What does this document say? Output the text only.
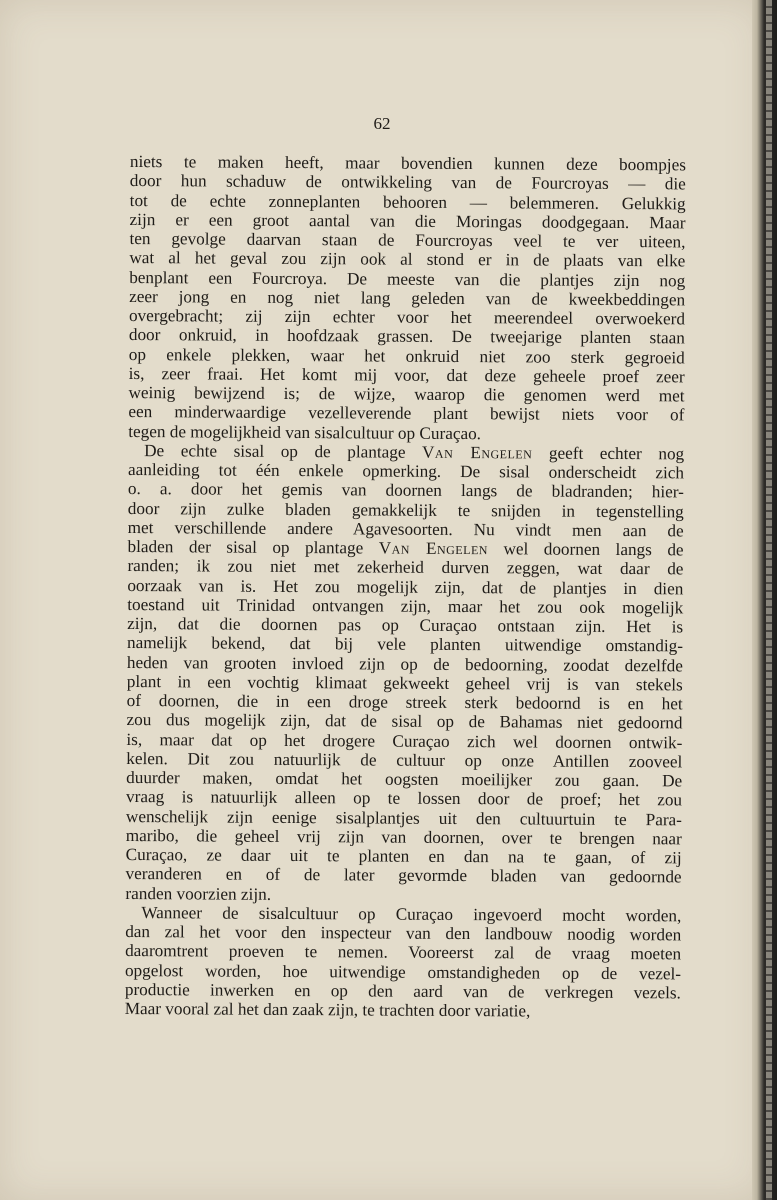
62
niets te maken heeft, maar bovendien kunnen deze boompjes
door hun schaduw de ontwikkeling van de Fourcroyas — die
tot de echte zonneplanten behooren — belemmeren. Gelukkig
zijn er een groot aantal van die Moringas doodgegaan. Maar
ten gevolge daarvan staan de Fourcroyas veel te ver uiteen,
wat al het geval zou zijn ook al stond er in de plaats van elke
benplant een Fourcroya. De meeste van die plantjes zijn nog
zeer jong en nog niet lang geleden van de kweekbeddingen
overgebracht; zij zijn echter voor het meerendeel overwoekerd
door onkruid, in hoofdzaak grassen. De tweejarige planten staan
op enkele plekken, waar het onkruid niet zoo sterk gegroeid
is, zeer fraai. Het komt mij voor, dat deze geheele proef zeer
weinig bewijzend is; de wijze, waarop die genomen werd met
een minderwaardige vezelleverende plant bewijst niets voor of
tegen de mogelijkheid van sisalcultuur op Curaçao.
De echte sisal op de plantage Van Engelen geeft echter nog
aanleiding tot één enkele opmerking. De sisal onderscheidt zich
o. a. door het gemis van doornen langs de bladranden; hier-
door zijn zulke bladen gemakkelijk te snijden in tegenstelling
met verschillende andere Agavesoorten. Nu vindt men aan de
bladen der sisal op plantage Van Engelen wel doornen langs de
randen; ik zou niet met zekerheid durven zeggen, wat daar de
oorzaak van is. Het zou mogelijk zijn, dat de plantjes in dien
toestand uit Trinidad ontvangen zijn, maar het zou ook mogelijk
zijn, dat die doornen pas op Curaçao ontstaan zijn. Het is
namelijk bekend, dat bij vele planten uitwendige omstandig-
heden van grooten invloed zijn op de bedoorning, zoodat dezelfde
plant in een vochtig klimaat gekweekt geheel vrij is van stekels
of doornen, die in een droge streek sterk bedoornd is en het
zou dus mogelijk zijn, dat de sisal op de Bahamas niet gedoornd
is, maar dat op het drogere Curaçao zich wel doornen ontwik-
kelen. Dit zou natuurlijk de cultuur op onze Antillen zooveel
duurder maken, omdat het oogsten moeilijker zou gaan. De
vraag is natuurlijk alleen op te lossen door de proef; het zou
wenschelijk zijn eenige sisalplantjes uit den cultuurtuin te Para-
maribo, die geheel vrij zijn van doornen, over te brengen naar
Curaçao, ze daar uit te planten en dan na te gaan, of zij
veranderen en of de later gevormde bladen van gedoornde
randen voorzien zijn.
Wanneer de sisalcultuur op Curaçao ingevoerd mocht worden,
dan zal het voor den inspecteur van den landbouw noodig worden
daaromtrent proeven te nemen. Vooreerst zal de vraag moeten
opgelost worden, hoe uitwendige omstandigheden op de vezel-
productie inwerken en op den aard van de verkregen vezels.
Maar vooral zal het dan zaak zijn, te trachten door variatie,
